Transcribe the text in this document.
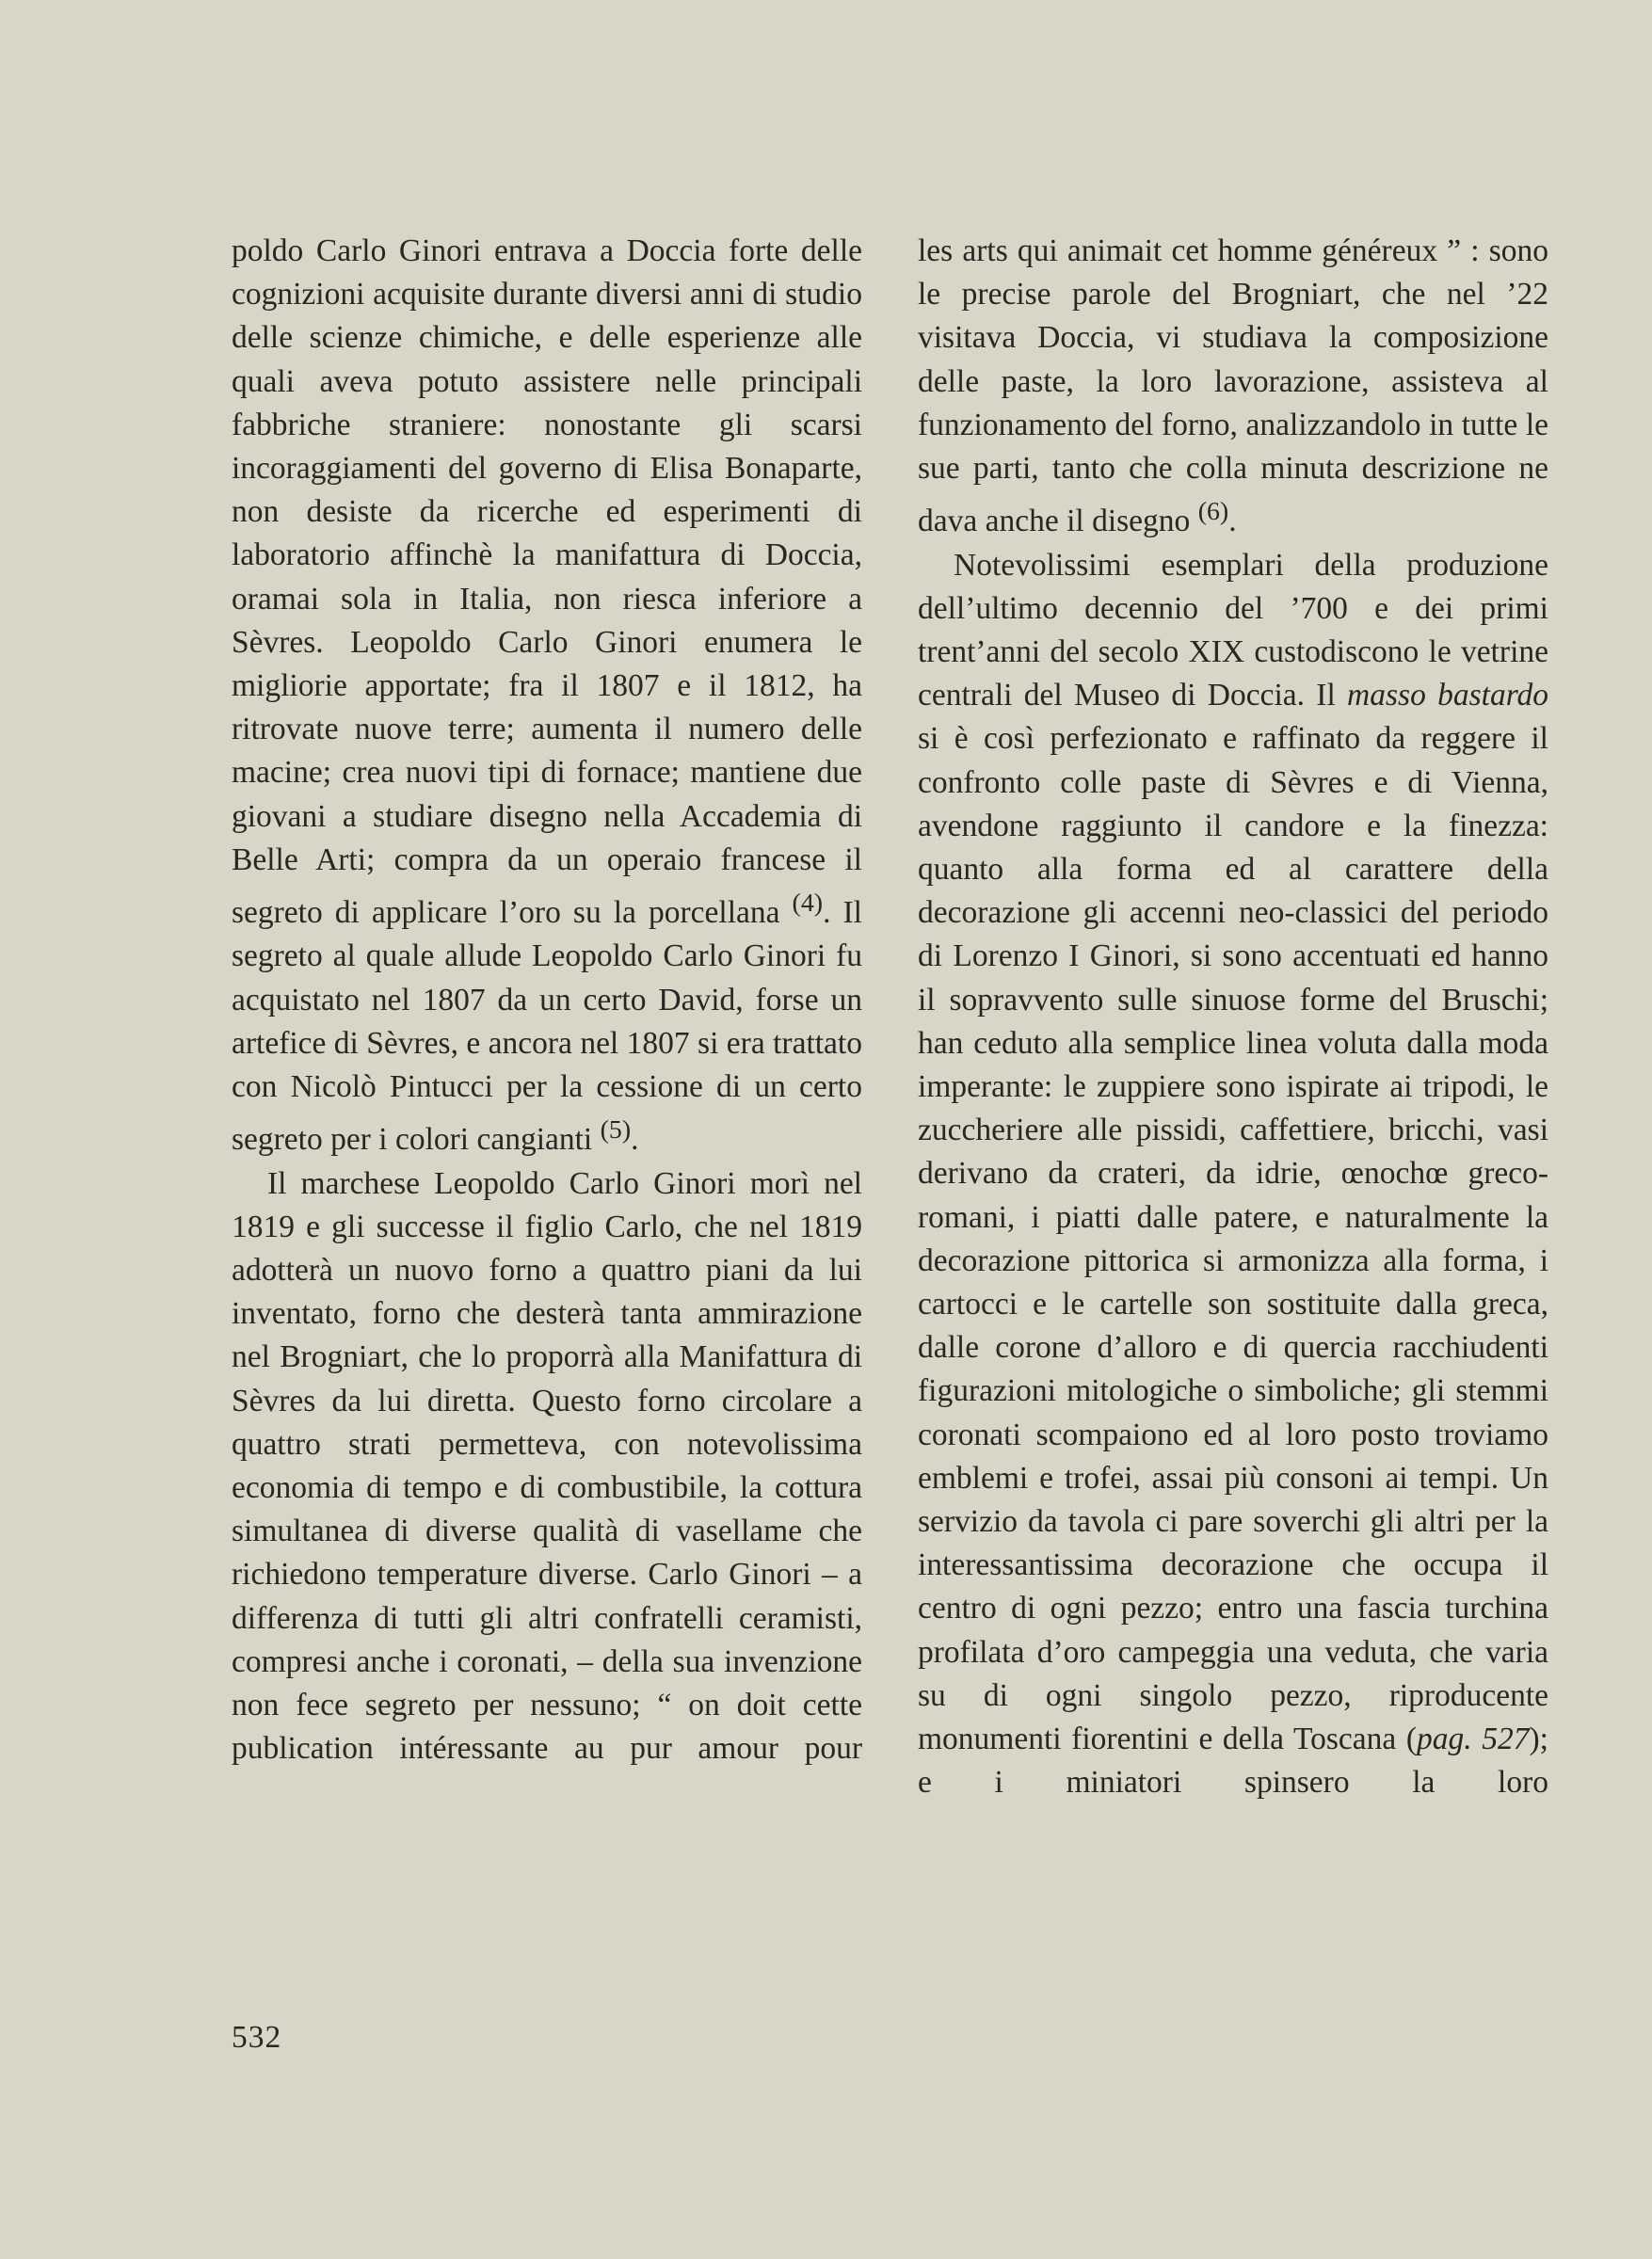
poldo Carlo Ginori entrava a Doccia forte delle cognizioni acquisite durante diversi anni di studio delle scienze chimiche, e delle esperienze alle quali aveva potuto assistere nelle principali fabbriche straniere: nonostante gli scarsi incoraggiamenti del governo di Elisa Bonaparte, non desiste da ricerche ed esperimenti di laboratorio affinchè la manifattura di Doccia, oramai sola in Italia, non riesca inferiore a Sèvres. Leopoldo Carlo Ginori enumera le migliorie apportate; fra il 1807 e il 1812, ha ritrovate nuove terre; aumenta il numero delle macine; crea nuovi tipi di fornace; mantiene due giovani a studiare disegno nella Accademia di Belle Arti; compra da un operaio francese il segreto di applicare l’oro su la porcellana $^{(4)}$. Il segreto al quale allude Leopoldo Carlo Ginori fu acquistato nel 1807 da un certo David, forse un artefice di Sèvres, e ancora nel 1807 si era trattato con Nicolò Pintucci per la cessione di un certo segreto per i colori cangianti $^{(5)}$.

Il marchese Leopoldo Carlo Ginori morì nel 1819 e gli successe il figlio Carlo, che nel 1819 adotterà un nuovo forno a quattro piani da lui inventato, forno che desterà tanta ammirazione nel Brogniart, che lo proporrà alla Manifattura di Sèvres da lui diretta. Questo forno circolare a quattro strati permetteva, con notevolissima economia di tempo e di combustibile, la cottura simultanea di diverse qualità di vasellame che richiedono temperature diverse. Carlo Ginori – a differenza di tutti gli altri confratelli ceramisti, compresi anche i coronati, – della sua invenzione non fece segreto per nessuno; “ on doit cette publication intéressante au pur amour pour

les arts qui animait cet homme généreux ” : sono le precise parole del Brogniart, che nel ’22 visitava Doccia, vi studiava la composizione delle paste, la loro lavorazione, assisteva al funzionamento del forno, analizzandolo in tutte le sue parti, tanto che colla minuta descrizione ne dava anche il disegno $^{(6)}$.

Notevolissimi esemplari della produzione dell’ultimo decennio del ’700 e dei primi trent’anni del secolo XIX custodiscono le vetrine centrali del Museo di Doccia. Il masso bastardo si è così perfezionato e raffinato da reggere il confronto colle paste di Sèvres e di Vienna, avendone raggiunto il candore e la finezza: quanto alla forma ed al carattere della decorazione gli accenni neo-classici del periodo di Lorenzo I Ginori, si sono accentuati ed hanno il sopravvento sulle sinuose forme del Bruschi; han ceduto alla semplice linea voluta dalla moda imperante: le zuppiere sono ispirate ai tripodi, le zuccheriere alle pissidi, caffettiere, bricchi, vasi derivano da crateri, da idrie, œnochœ greco-romani, i piatti dalle patere, e naturalmente la decorazione pittorica si armonizza alla forma, i cartocci e le cartelle son sostituite dalla greca, dalle corone d’alloro e di quercia racchiudenti figurazioni mitologiche o simboliche; gli stemmi coronati scompaiono ed al loro posto troviamo emblemi e trofei, assai più consoni ai tempi. Un servizio da tavola ci pare soverchi gli altri per la interessantissima decorazione che occupa il centro di ogni pezzo; entro una fascia turchina profilata d’oro campeggia una veduta, che varia su di ogni singolo pezzo, riproducente monumenti fiorentini e della Toscana (pag. 527); e i miniatori spinsero la loro

532
